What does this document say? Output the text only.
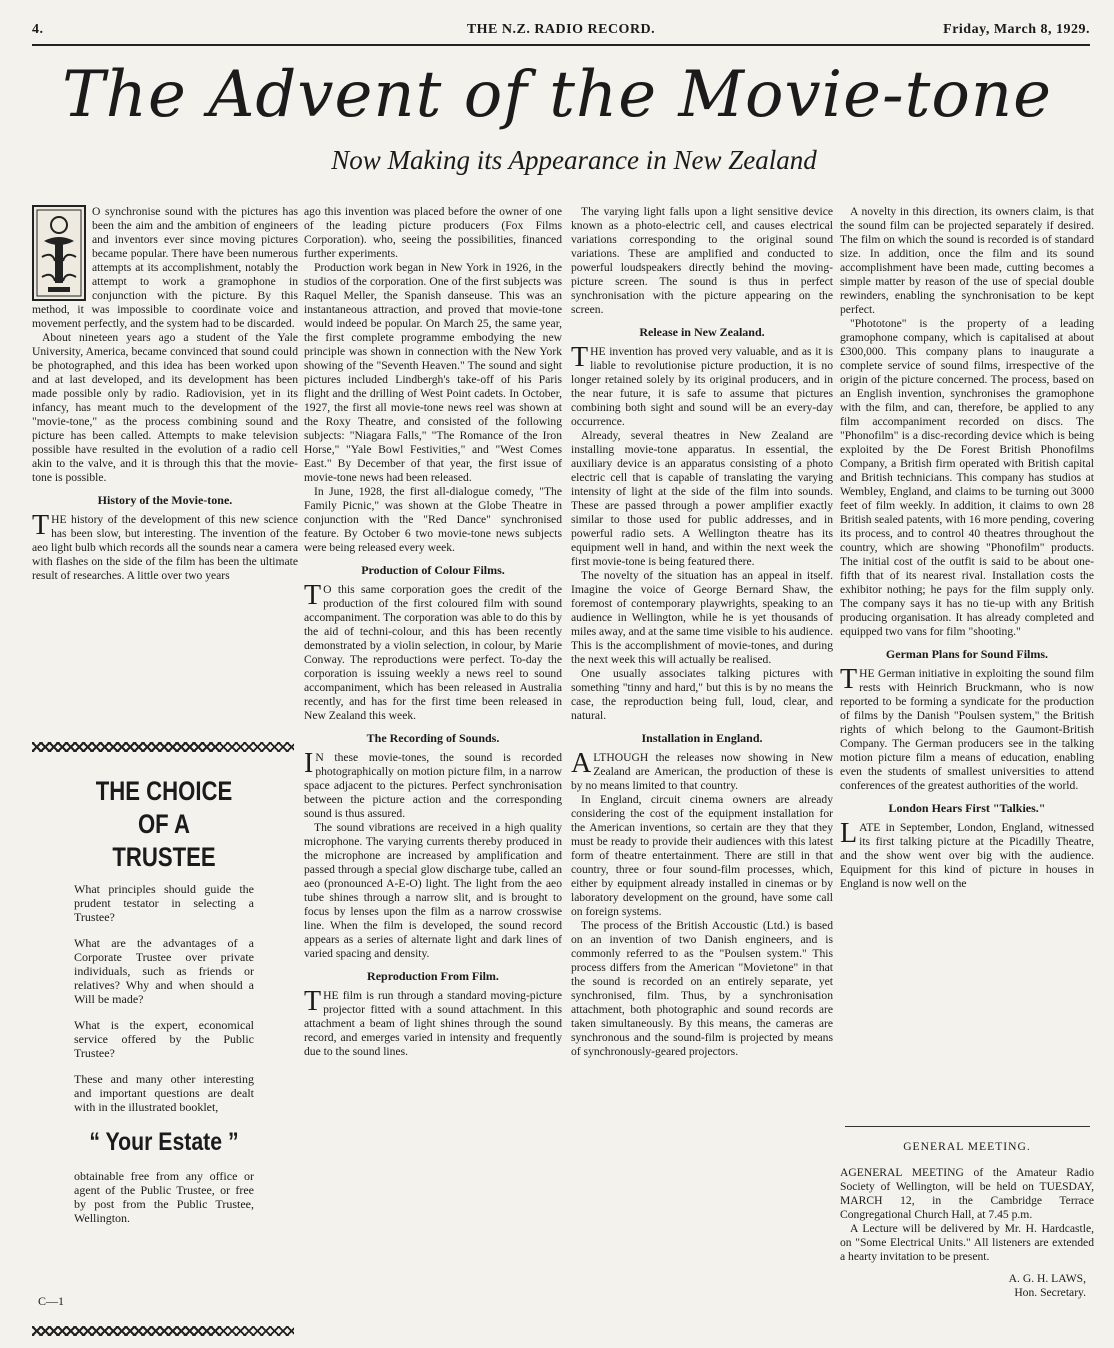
4.	THE N.Z. RADIO RECORD.	Friday, March 8, 1929.
The Advent of the Movie-tone
Now Making its Appearance in New Zealand

O synchronise sound with the pictures has been the aim and the ambition of engineers and inventors ever since moving pictures became popular. There have been numerous attempts at its accomplishment, notably the attempt to work a gramophone in conjunction with the picture. By this method, it was impossible to coordinate voice and movement perfectly, and the system had to be discarded.

About nineteen years ago a student of the Yale University, America, became convinced that sound could be photographed, and this idea has been worked upon and at last developed, and its development has been made possible only by radio. Radiovision, yet in its infancy, has meant much to the development of the "movie-tone," as the process combining sound and picture has been called. Attempts to make television possible have resulted in the evolution of a radio cell akin to the valve, and it is through this that the movie-tone is possible.

History of the Movie-tone.

THE history of the development of this new science has been slow, but interesting. The invention of the aeo light bulb which records all the sounds near a camera with flashes on the side of the film has been the ultimate result of researches. A little over two years

THE CHOICE
OF A TRUSTEE

What principles should guide the prudent testator in selecting a Trustee?

What are the advantages of a Corporate Trustee over private individuals, such as friends or relatives? Why and when should a Will be made?

What is the expert, economical service offered by the Public Trustee?

These and many other interesting and important questions are dealt with in the illustrated booklet,

“ Your Estate ”

obtainable free from any office or agent of the Public Trustee, or free by post from the Public Trustee, Wellington.

C—1

ago this invention was placed before the owner of one of the leading picture producers (Fox Films Corporation). who, seeing the possibilities, financed further experiments.

Production work began in New York in 1926, in the studios of the corporation. One of the first subjects was Raquel Meller, the Spanish danseuse. This was an instantaneous attraction, and proved that movie-tone would indeed be popular. On March 25, the same year, the first complete programme embodying the new principle was shown in connection with the New York showing of the "Seventh Heaven." The sound and sight pictures included Lindbergh's take-off of his Paris flight and the drilling of West Point cadets. In October, 1927, the first all movie-tone news reel was shown at the Roxy Theatre, and consisted of the following subjects: "Niagara Falls," "The Romance of the Iron Horse," "Yale Bowl Festivities," and "West Comes East." By December of that year, the first issue of movie-tone news had been released.

In June, 1928, the first all-dialogue comedy, "The Family Picnic," was shown at the Globe Theatre in conjunction with the "Red Dance" synchronised feature. By October 6 two movie-tone news subjects were being released every week.

Production of Colour Films.

T O this same corporation goes the credit of the production of the first coloured film with sound accompaniment. The corporation was able to do this by the aid of techni-colour, and this has been recently demonstrated by a violin selection, in colour, by Marie Conway. The reproductions were perfect. To-day the corporation is issuing weekly a news reel to sound accompaniment, which has been released in Australia recently, and has for the first time been released in New Zealand this week.

The Recording of Sounds.

I N these movie-tones, the sound is recorded photographically on motion picture film, in a narrow space adjacent to the pictures. Perfect synchronisation between the picture action and the corresponding sound is thus assured.

The sound vibrations are received in a high quality microphone. The varying currents thereby produced in the microphone are increased by amplification and passed through a special glow discharge tube, called an aeo (pronounced A-E-O) light. The light from the aeo tube shines through a narrow slit, and is brought to focus by lenses upon the film as a narrow crosswise line. When the film is developed, the sound record appears as a series of alternate light and dark lines of varied spacing and density.

Reproduction From Film.

THE film is run through a standard moving-picture projector fitted with a sound attachment. In this attachment a beam of light shines through the sound record, and emerges varied in intensity and frequently due to the sound lines.

The varying light falls upon a light sensitive device known as a photo-electric cell, and causes electrical variations corresponding to the original sound variations. These are amplified and conducted to powerful loudspeakers directly behind the moving-picture screen. The sound is thus in perfect synchronisation with the picture appearing on the screen.

Release in New Zealand.

THE invention has proved very valuable, and as it is liable to revolutionise picture production, it is no longer retained solely by its original producers, and in the near future, it is safe to assume that pictures combining both sight and sound will be an every-day occurrence.

Already, several theatres in New Zealand are installing movie-tone apparatus. In essential, the auxiliary device is an apparatus consisting of a photo electric cell that is capable of translating the varying intensity of light at the side of the film into sounds. These are passed through a power amplifier exactly similar to those used for public addresses, and in powerful radio sets. A Wellington theatre has its equipment well in hand, and within the next week the first movie-tone is being featured there.

The novelty of the situation has an appeal in itself. Imagine the voice of George Bernard Shaw, the foremost of contemporary playwrights, speaking to an audience in Wellington, while he is yet thousands of miles away, and at the same time visible to his audience. This is the accomplishment of movie-tones, and during the next week this will actually be realised.

One usually associates talking pictures with something "tinny and hard," but this is by no means the case, the reproduction being full, loud, clear, and natural.

Installation in England.

ALTHOUGH the releases now showing in New Zealand are American, the production of these is by no means limited to that country.

In England, circuit cinema owners are already considering the cost of the equipment installation for the American inventions, so certain are they that they must be ready to provide their audiences with this latest form of theatre entertainment. There are still in that country, three or four sound-film processes, which, either by equipment already installed in cinemas or by laboratory development on the ground, have some call on foreign systems.

The process of the British Accoustic (Ltd.) is based on an invention of two Danish engineers, and is commonly referred to as the "Poulsen system." This process differs from the American "Movietone" in that the sound is recorded on an entirely separate, yet synchronised, film. Thus, by a synchronisation attachment, both photographic and sound records are taken simultaneously. By this means, the cameras are synchronous and the sound-film is projected by means of synchronously-geared projectors.

A novelty in this direction, its owners claim, is that the sound film can be projected separately if desired. The film on which the sound is recorded is of standard size. In addition, once the film and its sound accomplishment have been made, cutting becomes a simple matter by reason of the use of special double rewinders, enabling the synchronisation to be kept perfect.

"Phototone" is the property of a leading gramophone company, which is capitalised at about £300,000. This company plans to inaugurate a complete service of sound films, irrespective of the origin of the picture concerned. The process, based on an English invention, synchronises the gramophone with the film, and can, therefore, be applied to any film accompaniment recorded on discs. The "Phonofilm" is a disc-recording device which is being exploited by the De Forest British Phonofilms Company, a British firm operated with British capital and British technicians. This company has studios at Wembley, England, and claims to be turning out 3000 feet of film weekly. In addition, it claims to own 28 British sealed patents, with 16 more pending, covering its process, and to control 40 theatres throughout the country, which are showing "Phonofilm" products. The initial cost of the outfit is said to be about one-fifth that of its nearest rival. Installation costs the exhibitor nothing; he pays for the film supply only. The company says it has no tie-up with any British producing organisation. It has already completed and equipped two vans for film "shooting."

German Plans for Sound Films.

THE German initiative in exploiting the sound film rests with Heinrich Bruckmann, who is now reported to be forming a syndicate for the production of films by the Danish "Poulsen system," the British rights of which belong to the Gaumont-British Company. The German producers see in the talking motion picture film a means of education, enabling even the students of smallest universities to attend conferences of the greatest authorities of the world.

London Hears First "Talkies."

LATE in September, London, England, witnessed its first talking picture at the Picadilly Theatre, and the show went over big with the audience. Equipment for this kind of picture in houses in England is now well on the

GENERAL MEETING.

AGENERAL MEETING of the Amateur Radio Society of Wellington, will be held on TUESDAY, MARCH 12, in the Cambridge Terrace Congregational Church Hall, at 7.45 p.m.

A Lecture will be delivered by Mr. H. Hardcastle, on "Some Electrical Units." All listeners are extended a hearty invitation to be present.

A. G. H. LAWS,
Hon. Secretary.
